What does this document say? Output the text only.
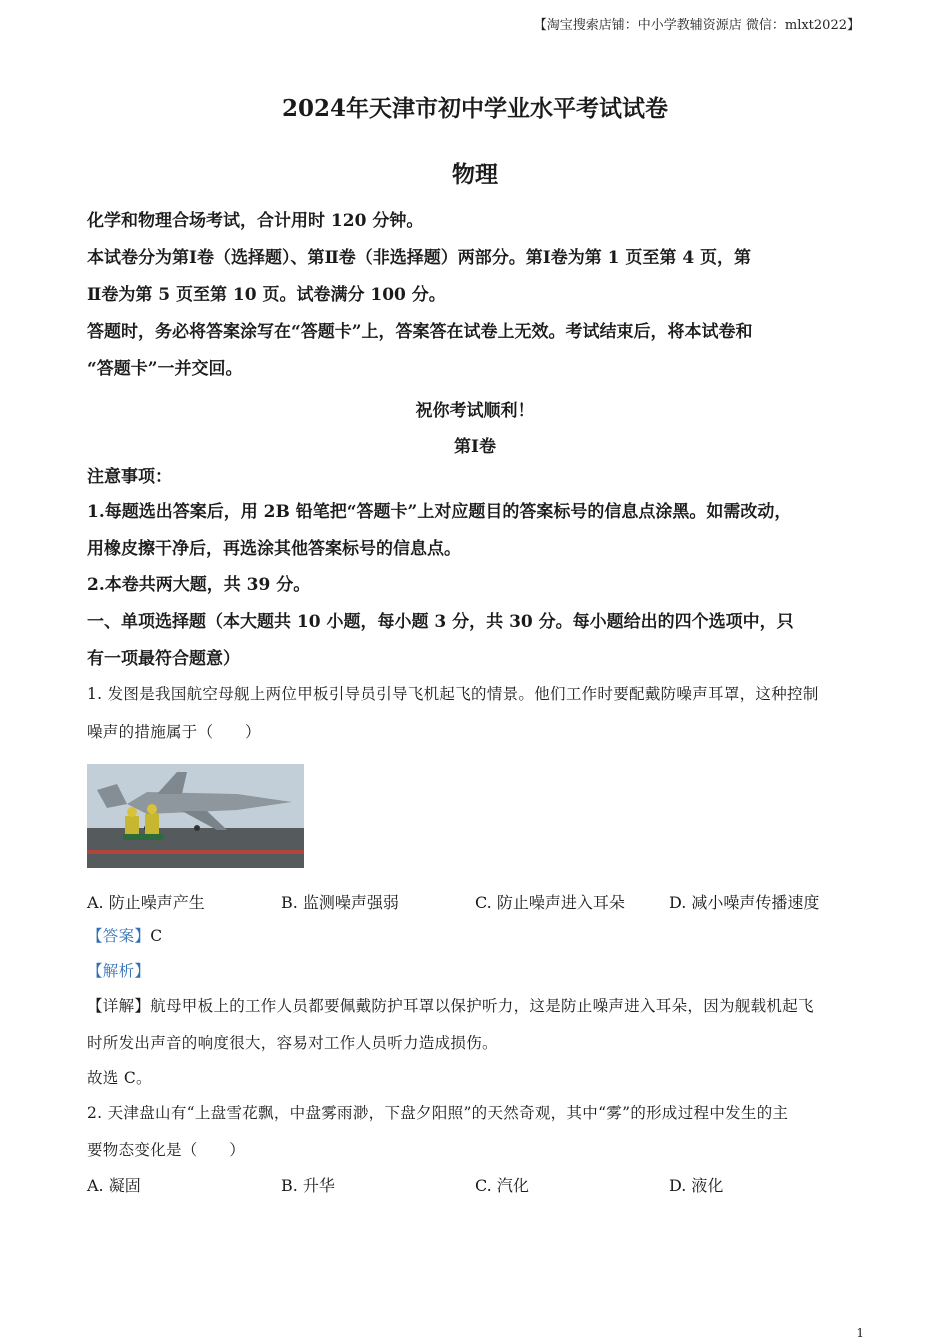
【淘宝搜索店铺：中小学教辅资源店 微信：mlxt2022】
2024年天津市初中学业水平考试试卷
物理
化学和物理合场考试，合计用时 120 分钟。
本试卷分为第Ⅰ卷（选择题）、第Ⅱ卷（非选择题）两部分。第Ⅰ卷为第 1 页至第 4 页，第
Ⅱ卷为第 5 页至第 10 页。试卷满分 100 分。
答题时，务必将答案涂写在“答题卡”上，答案答在试卷上无效。考试结束后，将本试卷和
“答题卡”一并交回。
祝你考试顺利！
第Ⅰ卷
注意事项：
1.每题选出答案后，用 2B 铅笔把“答题卡”上对应题目的答案标号的信息点涂黑。如需改动，
用橡皮擦干净后，再选涂其他答案标号的信息点。
2.本卷共两大题，共 39 分。
一、单项选择题（本大题共 10 小题，每小题 3 分，共 30 分。每小题给出的四个选项中，只
有一项最符合题意）
1. 发图是我国航空母舰上两位甲板引导员引导飞机起飞的情景。他们工作时要配戴防噪声耳罩，这种控制
噪声的措施属于（　　）
A. 防止噪声产生	B. 监测噪声强弱	C. 防止噪声进入耳朵	D. 减小噪声传播速度
【答案】C
【解析】
【详解】航母甲板上的工作人员都要佩戴防护耳罩以保护听力，这是防止噪声进入耳朵，因为舰载机起飞
时所发出声音的响度很大，容易对工作人员听力造成损伤。
故选 C。
2. 天津盘山有“上盘雪花飘，中盘雾雨渺，下盘夕阳照”的天然奇观，其中“雾”的形成过程中发生的主
要物态变化是（　　）
A. 凝固	B. 升华	C. 汽化	D. 液化
1
